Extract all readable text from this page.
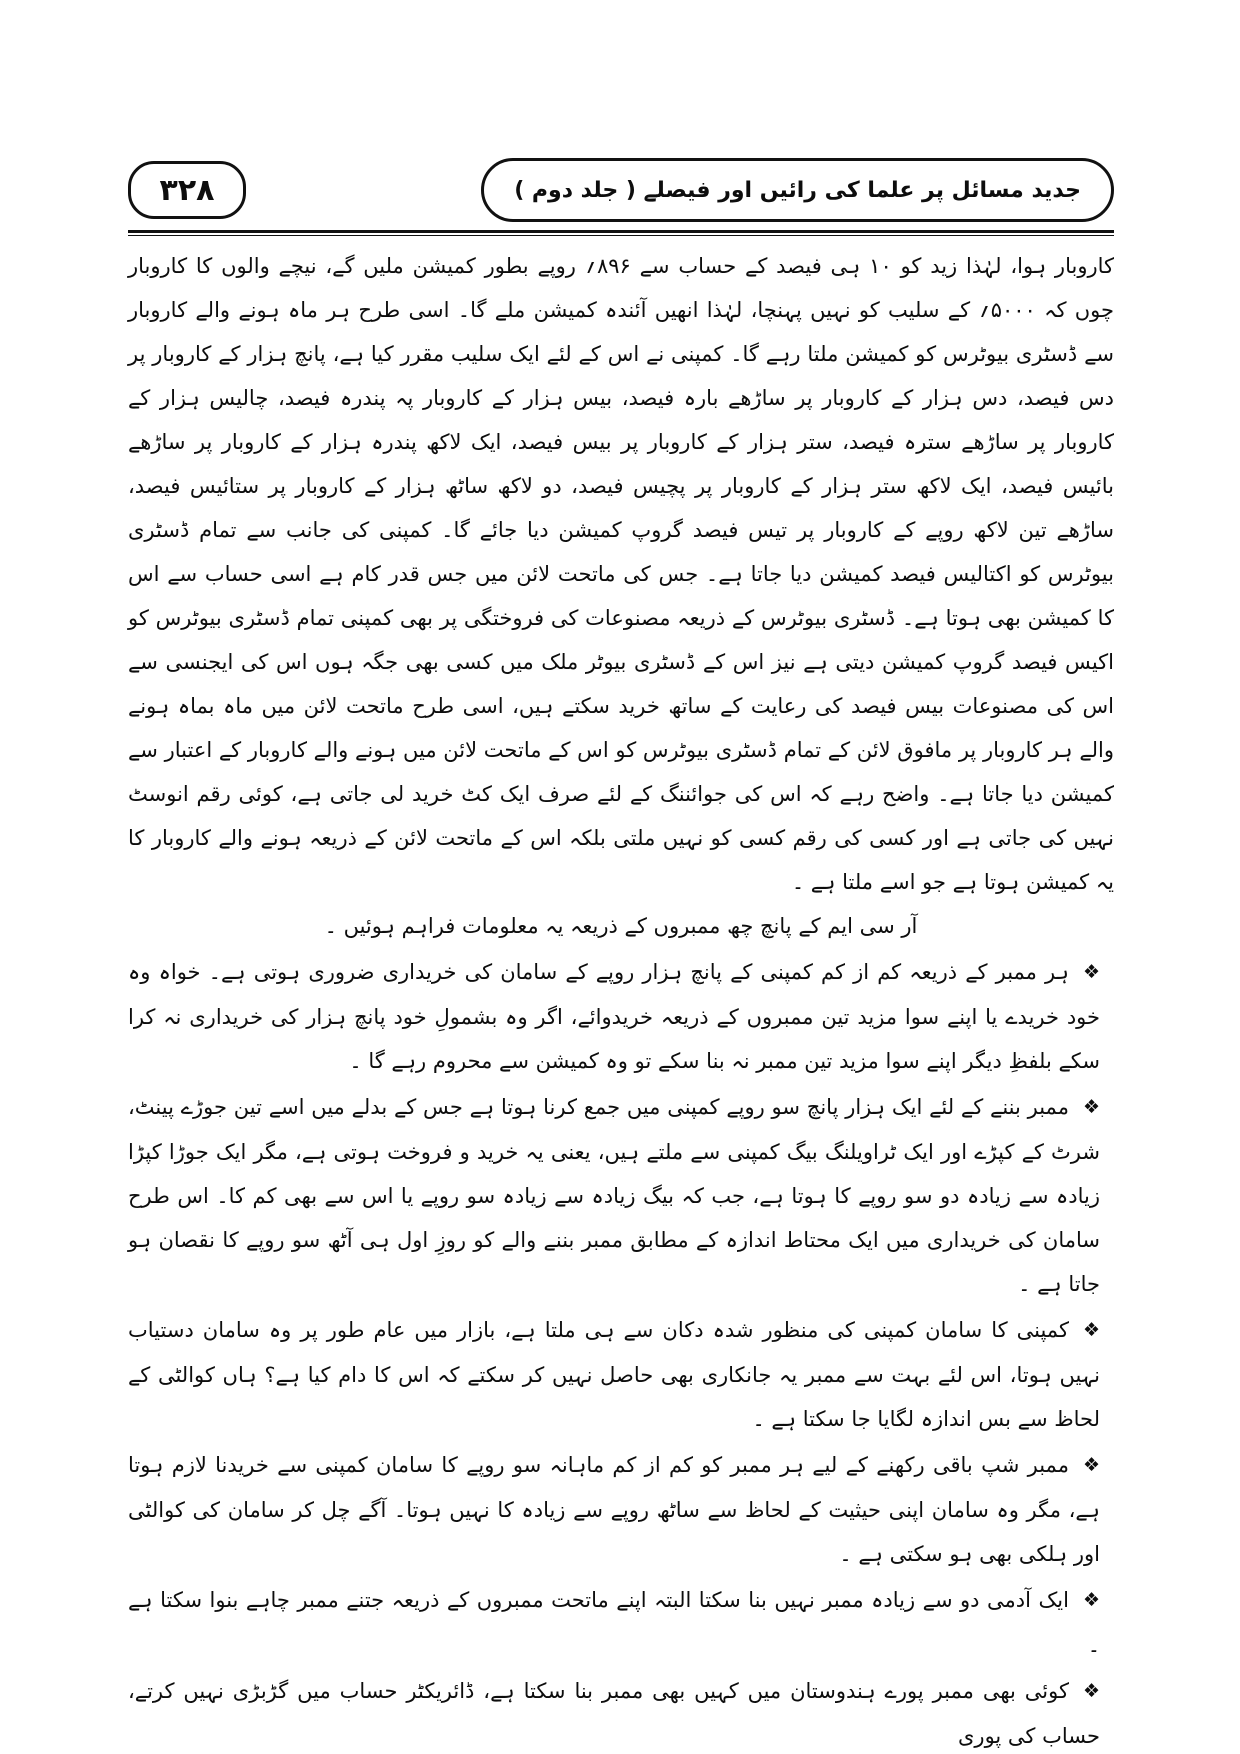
۳۲۸	جدید مسائل پر علما کی رائیں اور فیصلے ( جلد دوم )

کاروبار ہوا، لہٰذا زید کو ۱۰ ہی فیصد کے حساب سے ۸۹۶؍ روپے بطور کمیشن ملیں گے، نیچے والوں کا کاروبار چوں کہ ۵۰۰۰؍ کے سلیب کو نہیں پہنچا، لہٰذا انھیں آئندہ کمیشن ملے گا۔ اسی طرح ہر ماہ ہونے والے کاروبار سے ڈسٹری بیوٹرس کو کمیشن ملتا رہے گا۔ کمپنی نے اس کے لئے ایک سلیب مقرر کیا ہے، پانچ ہزار کے کاروبار پر دس فیصد، دس ہزار کے کاروبار پر ساڑھے بارہ فیصد، بیس ہزار کے کاروبار پہ پندرہ فیصد، چالیس ہزار کے کاروبار پر ساڑھے سترہ فیصد، ستر ہزار کے کاروبار پر بیس فیصد، ایک لاکھ پندرہ ہزار کے کاروبار پر ساڑھے بائیس فیصد، ایک لاکھ ستر ہزار کے کاروبار پر پچیس فیصد، دو لاکھ ساٹھ ہزار کے کاروبار پر ستائیس فیصد، ساڑھے تین لاکھ روپے کے کاروبار پر تیس فیصد گروپ کمیشن دیا جائے گا۔ کمپنی کی جانب سے تمام ڈسٹری بیوٹرس کو اکتالیس فیصد کمیشن دیا جاتا ہے۔ جس کی ماتحت لائن میں جس قدر کام ہے اسی حساب سے اس کا کمیشن بھی ہوتا ہے۔ ڈسٹری بیوٹرس کے ذریعہ مصنوعات کی فروختگی پر بھی کمپنی تمام ڈسٹری بیوٹرس کو اکیس فیصد گروپ کمیشن دیتی ہے نیز اس کے ڈسٹری بیوٹر ملک میں کسی بھی جگہ ہوں اس کی ایجنسی سے اس کی مصنوعات بیس فیصد کی رعایت کے ساتھ خرید سکتے ہیں، اسی طرح ماتحت لائن میں ماہ بماہ ہونے والے ہر کاروبار پر مافوق لائن کے تمام ڈسٹری بیوٹرس کو اس کے ماتحت لائن میں ہونے والے کاروبار کے اعتبار سے کمیشن دیا جاتا ہے۔ واضح رہے کہ اس کی جوائننگ کے لئے صرف ایک کٹ خرید لی جاتی ہے، کوئی رقم انوسٹ نہیں کی جاتی ہے اور کسی کی رقم کسی کو نہیں ملتی بلکہ اس کے ماتحت لائن کے ذریعہ ہونے والے کاروبار کا یہ کمیشن ہوتا ہے جو اسے ملتا ہے ۔

آر سی ایم کے پانچ چھ ممبروں کے ذریعہ یہ معلومات فراہم ہوئیں ۔

❖ہر ممبر کے ذریعہ کم از کم کمپنی کے پانچ ہزار روپے کے سامان کی خریداری ضروری ہوتی ہے۔ خواہ وہ خود خریدے یا اپنے سوا مزید تین ممبروں کے ذریعہ خریدوائے، اگر وہ بشمولِ خود پانچ ہزار کی خریداری نہ کرا سکے بلفظِ دیگر اپنے سوا مزید تین ممبر نہ بنا سکے تو وہ کمیشن سے محروم رہے گا ۔
❖ممبر بننے کے لئے ایک ہزار پانچ سو روپے کمپنی میں جمع کرنا ہوتا ہے جس کے بدلے میں اسے تین جوڑے پینٹ، شرٹ کے کپڑے اور ایک ٹراویلنگ بیگ کمپنی سے ملتے ہیں، یعنی یہ خرید و فروخت ہوتی ہے، مگر ایک جوڑا کپڑا زیادہ سے زیادہ دو سو روپے کا ہوتا ہے، جب کہ بیگ زیادہ سے زیادہ سو روپے یا اس سے بھی کم کا۔ اس طرح سامان کی خریداری میں ایک محتاط اندازہ کے مطابق ممبر بننے والے کو روزِ اول ہی آٹھ سو روپے کا نقصان ہو جاتا ہے ۔
❖کمپنی کا سامان کمپنی کی منظور شدہ دکان سے ہی ملتا ہے، بازار میں عام طور پر وہ سامان دستیاب نہیں ہوتا، اس لئے بہت سے ممبر یہ جانکاری بھی حاصل نہیں کر سکتے کہ اس کا دام کیا ہے؟ ہاں کوالٹی کے لحاظ سے بس اندازہ لگایا جا سکتا ہے ۔
❖ممبر شپ باقی رکھنے کے لیے ہر ممبر کو کم از کم ماہانہ سو روپے کا سامان کمپنی سے خریدنا لازم ہوتا ہے، مگر وہ سامان اپنی حیثیت کے لحاظ سے ساٹھ روپے سے زیادہ کا نہیں ہوتا۔ آگے چل کر سامان کی کوالٹی اور ہلکی بھی ہو سکتی ہے ۔
❖ایک آدمی دو سے زیادہ ممبر نہیں بنا سکتا البتہ اپنے ماتحت ممبروں کے ذریعہ جتنے ممبر چاہے بنوا سکتا ہے ۔
❖کوئی بھی ممبر پورے ہندوستان میں کہیں بھی ممبر بنا سکتا ہے، ڈائریکٹر حساب میں گڑبڑی نہیں کرتے، حساب کی پوری
